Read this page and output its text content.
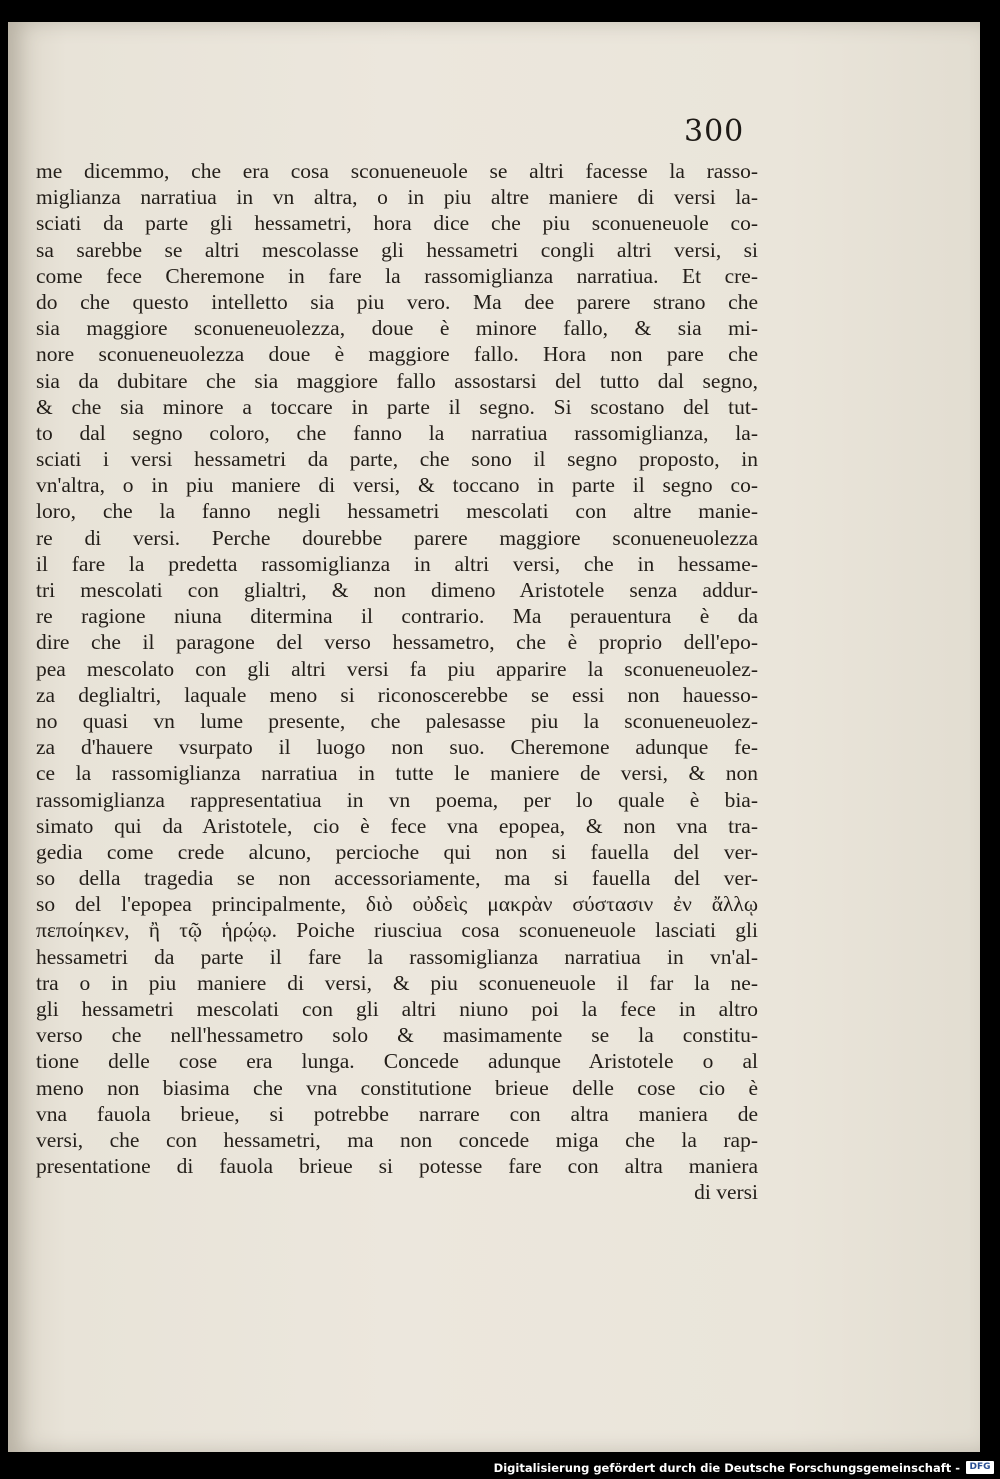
300
me dicemmo, che era cosa sconueneuole se altri facesse la rasso-
miglianza narratiua in vn altra, o in piu altre maniere di versi la-
sciati da parte gli hessametri, hora dice che piu sconueneuole co-
sa sarebbe se altri mescolasse gli hessametri congli altri versi, si
come fece Cheremone in fare la rassomiglianza narratiua. Et cre-
do che questo intelletto sia piu vero. Ma dee parere strano che
sia maggiore sconueneuolezza, doue è minore fallo, & sia mi-
nore sconueneuolezza doue è maggiore fallo. Hora non pare che
sia da dubitare che sia maggiore fallo assostarsi del tutto dal segno,
& che sia minore a toccare in parte il segno. Si scostano del tut-
to dal segno coloro, che fanno la narratiua rassomiglianza, la-
sciati i versi hessametri da parte, che sono il segno proposto, in
vn'altra, o in piu maniere di versi, & toccano in parte il segno co-
loro, che la fanno negli hessametri mescolati con altre manie-
re di versi. Perche dourebbe parere maggiore sconueneuolezza
il fare la predetta rassomiglianza in altri versi, che in hessame-
tri mescolati con glialtri, & non dimeno Aristotele senza addur-
re ragione niuna ditermina il contrario. Ma perauentura è da
dire che il paragone del verso hessametro, che è proprio dell'epo-
pea mescolato con gli altri versi fa piu apparire la sconueneuolez-
za deglialtri, laquale meno si riconoscerebbe se essi non hauesso-
no quasi vn lume presente, che palesasse piu la sconueneuolez-
za d'hauere vsurpato il luogo non suo. Cheremone adunque fe-
ce la rassomiglianza narratiua in tutte le maniere de versi, & non
rassomiglianza rappresentatiua in vn poema, per lo quale è bia-
simato qui da Aristotele, cio è fece vna epopea, & non vna tra-
gedia come crede alcuno, percioche qui non si fauella del ver-
so della tragedia se non accessoriamente, ma si fauella del ver-
so del l'epopea principalmente, διὸ οὐδεὶς μακρὰν σύστασιν ἐν ἄλλῳ
πεποίηκεν, ἢ τῷ ἡρῴῳ. Poiche riusciua cosa sconueneuole lasciati gli
hessametri da parte il fare la rassomiglianza narratiua in vn'al-
tra o in piu maniere di versi, & piu sconueneuole il far la ne-
gli hessametri mescolati con gli altri niuno poi la fece in altro
verso che nell'hessametro solo & masimamente se la constitu-
tione delle cose era lunga. Concede adunque Aristotele o al
meno non biasima che vna constitutione brieue delle cose cio è
vna fauola brieue, si potrebbe narrare con altra maniera de
versi, che con hessametri, ma non concede miga che la rap-
presentatione di fauola brieue si potesse fare con altra maniera
di versi
Digitalisierung gefördert durch die Deutsche Forschungsgemeinschaft -	DFG
